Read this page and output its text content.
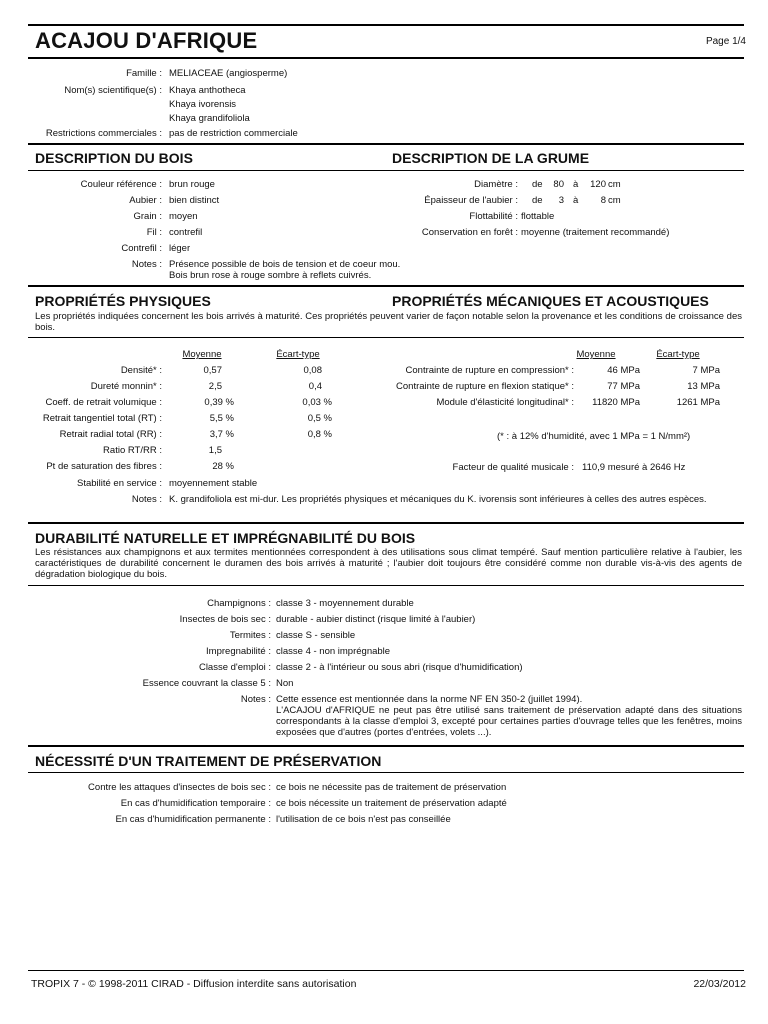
ACAJOU D'AFRIQUE	Page 1/4
Famille : MELIACEAE (angiosperme)
Nom(s) scientifique(s) : Khaya anthotheca
Khaya ivorensis
Khaya grandifoliola
Restrictions commerciales : pas de restriction commerciale
DESCRIPTION DU BOIS	DESCRIPTION DE LA GRUME
Couleur référence : brun rouge
Aubier : bien distinct
Grain : moyen
Fil : contrefil
Contrefil : léger
Notes : Présence possible de bois de tension et de coeur mou.
Bois brun rose à rouge sombre à reflets cuivrés.
Diamètre : de 80 à 120 cm
Épaisseur de l'aubier : de 3 à 8 cm
Flottabilité : flottable
Conservation en forêt : moyenne (traitement recommandé)
PROPRIÉTÉS PHYSIQUES	PROPRIÉTÉS MÉCANIQUES ET ACOUSTIQUES
Les propriétés indiquées concernent les bois arrivés à maturité. Ces propriétés peuvent varier de façon notable selon la provenance et les conditions de croissance des bois.
Moyenne	Écart-type	Moyenne	Écart-type
Densité* :	0,57	0,08
Dureté monnin* :	2,5	0,4
Coeff. de retrait volumique :	0,39 %	0,03 %
Retrait tangentiel total (RT) :	5,5 %	0,5 %
Retrait radial total (RR) :	3,7 %	0,8 %
Ratio RT/RR :	1,5
Pt de saturation des fibres :	28 %
Stabilité en service : moyennement stable
Notes : K. grandifoliola est mi-dur. Les propriétés physiques et mécaniques du K. ivorensis sont inférieures à celles des autres espèces.
Contrainte de rupture en compression* :	46 MPa	7 MPa
Contrainte de rupture en flexion statique* :	77 MPa	13 MPa
Module d'élasticité longitudinal* : 11820 MPa	1261 MPa
(* : à 12% d'humidité, avec 1 MPa = 1 N/mm²)
Facteur de qualité musicale : 110,9 mesuré à 2646 Hz
DURABILITÉ NATURELLE ET IMPRÉGNABILITÉ DU BOIS
Les résistances aux champignons et aux termites mentionnées correspondent à des utilisations sous climat tempéré. Sauf mention particulière relative à l'aubier, les caractéristiques de durabilité concernent le duramen des bois arrivés à maturité ; l'aubier doit toujours être considéré comme non durable vis-à-vis des agents de dégradation biologique du bois.
Champignons : classe 3 - moyennement durable
Insectes de bois sec : durable - aubier distinct (risque limité à l'aubier)
Termites : classe S - sensible
Impregnabilité : classe 4 - non imprégnable
Classe d'emploi : classe 2 - à l'intérieur ou sous abri (risque d'humidification)
Essence couvrant la classe 5 : Non
Notes : Cette essence est mentionnée dans la norme NF EN 350-2 (juillet 1994).
L'ACAJOU d'AFRIQUE ne peut pas être utilisé sans traitement de préservation adapté dans des situations correspondants à la classe d'emploi 3, excepté pour certaines parties d'ouvrage telles que les fenêtres, moins exposées que d'autres (portes d'entrées, volets ...).
NÉCESSITÉ D'UN TRAITEMENT DE PRÉSERVATION
Contre les attaques d'insectes de bois sec : ce bois ne nécessite pas de traitement de préservation
En cas d'humidification temporaire : ce bois nécessite un traitement de préservation adapté
En cas d'humidification permanente : l'utilisation de ce bois n'est pas conseillée
TROPIX 7 - © 1998-2011 CIRAD - Diffusion interdite sans autorisation	22/03/2012
